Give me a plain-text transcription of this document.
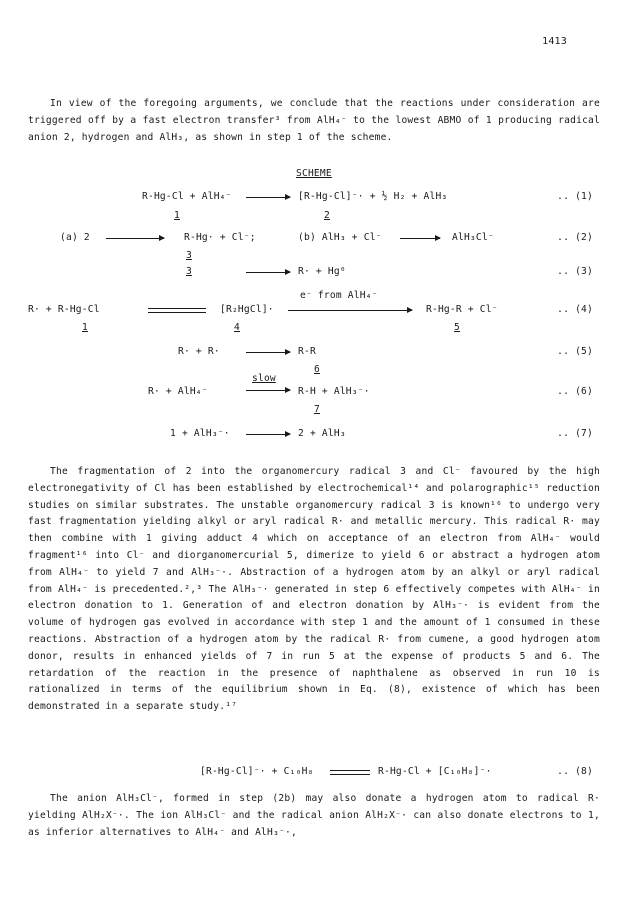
1413

In view of the foregoing arguments, we conclude that the reactions under consideration are triggered off by a fast electron transfer³ from AlH₄⁻ to the lowest ABMO of 1 producing radical anion 2, hydrogen and AlH₃, as shown in step 1 of the scheme.

SCHEME
R-Hg-Cl + AlH₄⁻	[R-Hg-Cl]⁻· + ½ H₂ + AlH₃	.. (1)
1	2
(a) 2	R-Hg· + Cl⁻;	(b) AlH₃ + Cl⁻	AlH₃Cl⁻	.. (2)
3
3	R· + Hg⁰	.. (3)
e⁻ from AlH₄⁻
R· + R-Hg-Cl	[R₂HgCl]·	R-Hg-R + Cl⁻	.. (4)
1	4	5
R· + R·	R-R	.. (5)
6
slow
R· + AlH₄⁻	R-H + AlH₃⁻·	.. (6)
7
1 + AlH₃⁻·	2 + AlH₃	.. (7)

The fragmentation of 2 into the organomercury radical 3 and Cl⁻ favoured by the high electronegativity of Cl has been established by electrochemical¹⁴ and polarographic¹⁵ reduction studies on similar substrates. The unstable organomercury radical 3 is known¹⁶ to undergo very fast fragmentation yielding alkyl or aryl radical R· and metallic mercury. This radical R· may then combine with 1 giving adduct 4 which on acceptance of an electron from AlH₄⁻ would fragment¹⁶ into Cl⁻ and diorganomercurial 5, dimerize to yield 6 or abstract a hydrogen atom from AlH₄⁻ to yield 7 and AlH₃⁻·. Abstraction of a hydrogen atom by an alkyl or aryl radical from AlH₄⁻ is precedented.²,³ The AlH₃⁻· generated in step 6 effectively competes with AlH₄⁻ in electron donation to 1. Generation of and electron donation by AlH₃⁻· is evident from the volume of hydrogen gas evolved in accordance with step 1 and the amount of 1 consumed in these reactions. Abstraction of a hydrogen atom by the radical R· from cumene, a good hydrogen atom donor, results in enhanced yields of 7 in run 5 at the expense of products 5 and 6. The retardation of the reaction in the presence of naphthalene as observed in run 10 is rationalized in terms of the equilibrium shown in Eq. (8), existence of which has been demonstrated in a separate study.¹⁷

[R-Hg-Cl]⁻· + C₁₀H₈	R-Hg-Cl + [C₁₀H₈]⁻·	.. (8)

The anion AlH₃Cl⁻, formed in step (2b) may also donate a hydrogen atom to radical R· yielding AlH₂X⁻·. The ion AlH₃Cl⁻ and the radical anion AlH₂X⁻· can also donate electrons to 1, as inferior alternatives to AlH₄⁻ and AlH₃⁻·,
